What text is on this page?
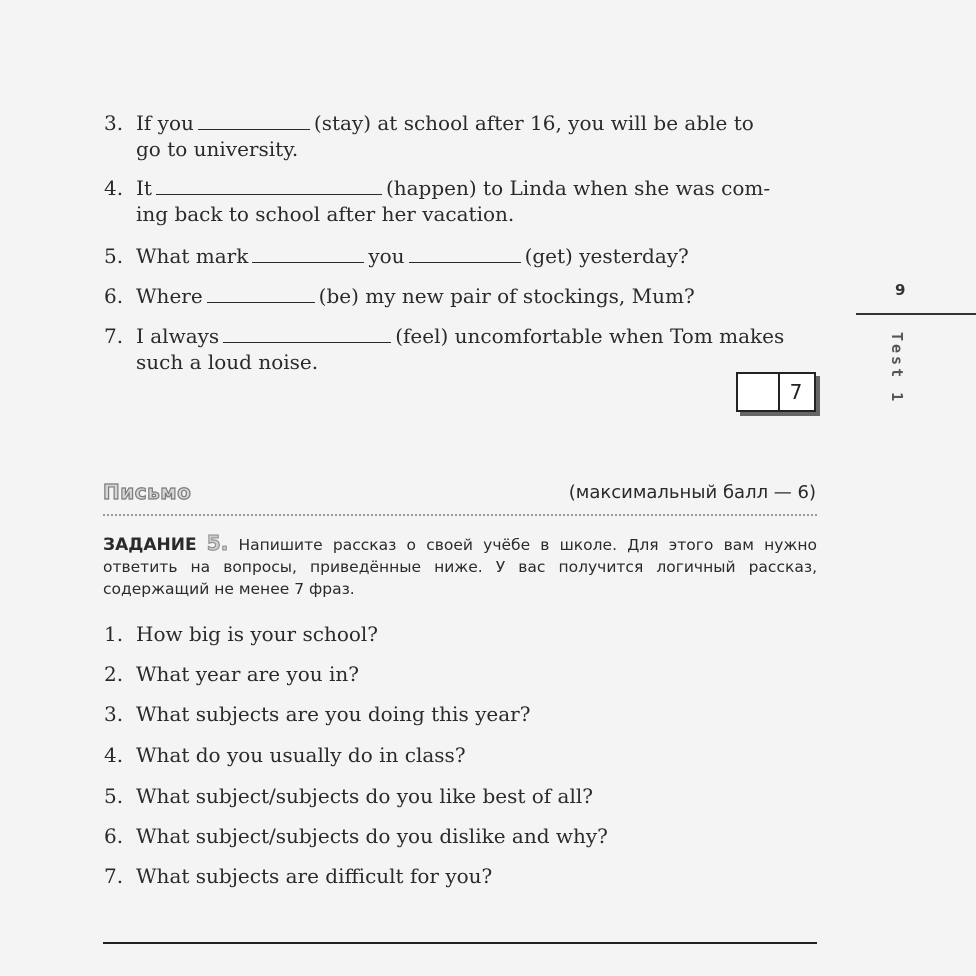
3. If you	(stay) at school after 16, you will be able to
go to university.
4. It	(happen) to Linda when she was com-
ing back to school after her vacation.
5. What mark	you	(get) yesterday?
6. Where	(be) my new pair of stockings, Mum?
7. I always	(feel) uncomfortable when Tom makes
such a loud noise.
7
9
Test 1
Письмо	(максимальный балл — 6)
ЗАДАНИЕ 5. Напишите рассказ о своей учёбе в школе. Для этого вам нужно ответить на вопросы, приведённые ниже. У вас получится логичный рассказ, содержащий не менее 7 фраз.
1. How big is your school?
2. What year are you in?
3. What subjects are you doing this year?
4. What do you usually do in class?
5. What subject/subjects do you like best of all?
6. What subject/subjects do you dislike and why?
7. What subjects are difficult for you?
